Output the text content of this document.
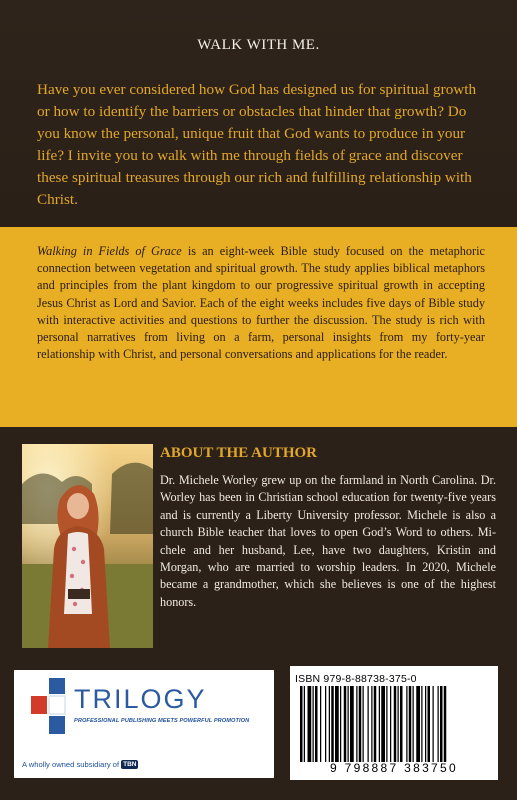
WALK WITH ME.

Have you ever considered how God has designed us for spiritual growth or how to identify the barriers or obstacles that hinder that growth? Do you know the personal, unique fruit that God wants to produce in your life? I invite you to walk with me through fields of grace and discover these spiritual treasures through our rich and fulfilling relationship with Christ.

Walking in Fields of Grace is an eight-week Bible study focused on the metaphoric connection between vegetation and spiritual growth. The study applies biblical metaphors and principles from the plant kingdom to our progressive spiritual growth in accepting Jesus Christ as Lord and Savior. Each of the eight weeks includes five days of Bible study with interactive activities and questions to further the discussion. The study is rich with personal narratives from living on a farm, personal insights from my forty-year relationship with Christ, and personal conversations and applications for the reader.

ABOUT THE AUTHOR

Dr. Michele Worley grew up on the farmland in North Carolina. Dr. Worley has been in Christian school education for twenty-five years and is currently a Liberty University professor. Michele is also a church Bible teacher that loves to open God’s Word to others. Michele and her husband, Lee, have two daughters, Kristin and Morgan, who are married to worship leaders. In 2020, Michele became a grandmother, which she believes is one of the highest honors.

TRILOGY
PROFESSIONAL PUBLISHING MEETS POWERFUL PROMOTION
A wholly owned subsidiary of TBN
ISBN 979-8-88738-375-0
9 798887 383750
